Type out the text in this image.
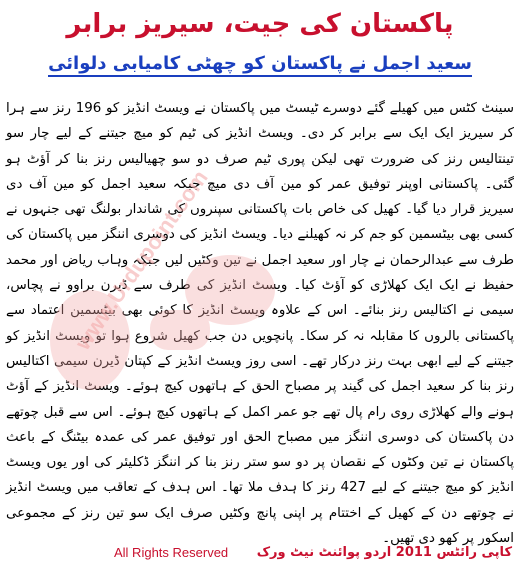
پاکستان کی جیت، سیریز برابر
سعید اجمل نے پاکستان کو چھٹی کامیابی دلوائی

سینٹ کٹس میں کھیلے گئے دوسرے ٹیسٹ میں پاکستان نے ویسٹ انڈیز کو 196 رنز سے ہرا کر سیریز ایک ایک سے برابر کر دی۔ ویسٹ انڈیز کی ٹیم کو میچ جیتنے کے لیے چار سو تینتالیس رنز کی ضرورت تھی لیکن پوری ٹیم صرف دو سو چھیالیس رنز بنا کر آؤٹ ہو گئی۔ پاکستانی اوپنر توفیق عمر کو مین آف دی میچ جبکہ سعید اجمل کو مین آف دی سیریز قرار دیا گیا۔ کھیل کی خاص بات پاکستانی سپنروں کی شاندار بولنگ تھی جنہوں نے کسی بھی بیٹسمین کو جم کر نہ کھیلنے دیا۔ ویسٹ انڈیز کی دوسری اننگز میں پاکستان کی طرف سے عبدالرحمان نے چار اور سعید اجمل نے تین وکٹیں لیں جبکہ وہاب ریاض اور محمد حفیظ نے ایک ایک کھلاڑی کو آؤٹ کیا۔ ویسٹ انڈیز کی طرف سے ڈیرن براوو نے پچاس، سیمی نے اکتالیس رنز بنائے۔ اس کے علاوہ ویسٹ انڈیز کا کوئی بھی بیٹسمین اعتماد سے پاکستانی بالروں کا مقابلہ نہ کر سکا۔ پانچویں دن جب کھیل شروع ہوا تو ویسٹ انڈیز کو جیتنے کے لیے ابھی بہت رنز درکار تھے۔ اسی روز ویسٹ انڈیز کے کپتان ڈیرن سیمی اکتالیس رنز بنا کر سعید اجمل کی گیند پر مصباح الحق کے ہاتھوں کیچ ہوئے۔ ویسٹ انڈیز کے آؤٹ ہونے والے کھلاڑی روی رام پال تھے جو عمر اکمل کے ہاتھوں کیچ ہوئے۔ اس سے قبل چوتھے دن پاکستان کی دوسری اننگز میں مصباح الحق اور توفیق عمر کی عمدہ بیٹنگ کے باعث پاکستان نے تین وکٹوں کے نقصان پر دو سو ستر رنز بنا کر اننگز ڈکلیئر کی اور یوں ویسٹ انڈیز کو میچ جیتنے کے لیے 427 رنز کا ہدف ملا تھا۔ اس ہدف کے تعاقب میں ویسٹ انڈیز نے چوتھے دن کے کھیل کے اختتام پر اپنی پانچ وکٹیں صرف ایک سو تین رنز کے مجموعی اسکور پر کھو دی تھیں۔

www.Urdupoint.com
All Rights Reserved کاپی رائٹس 2011 اردو پوائنٹ نیٹ ورک
